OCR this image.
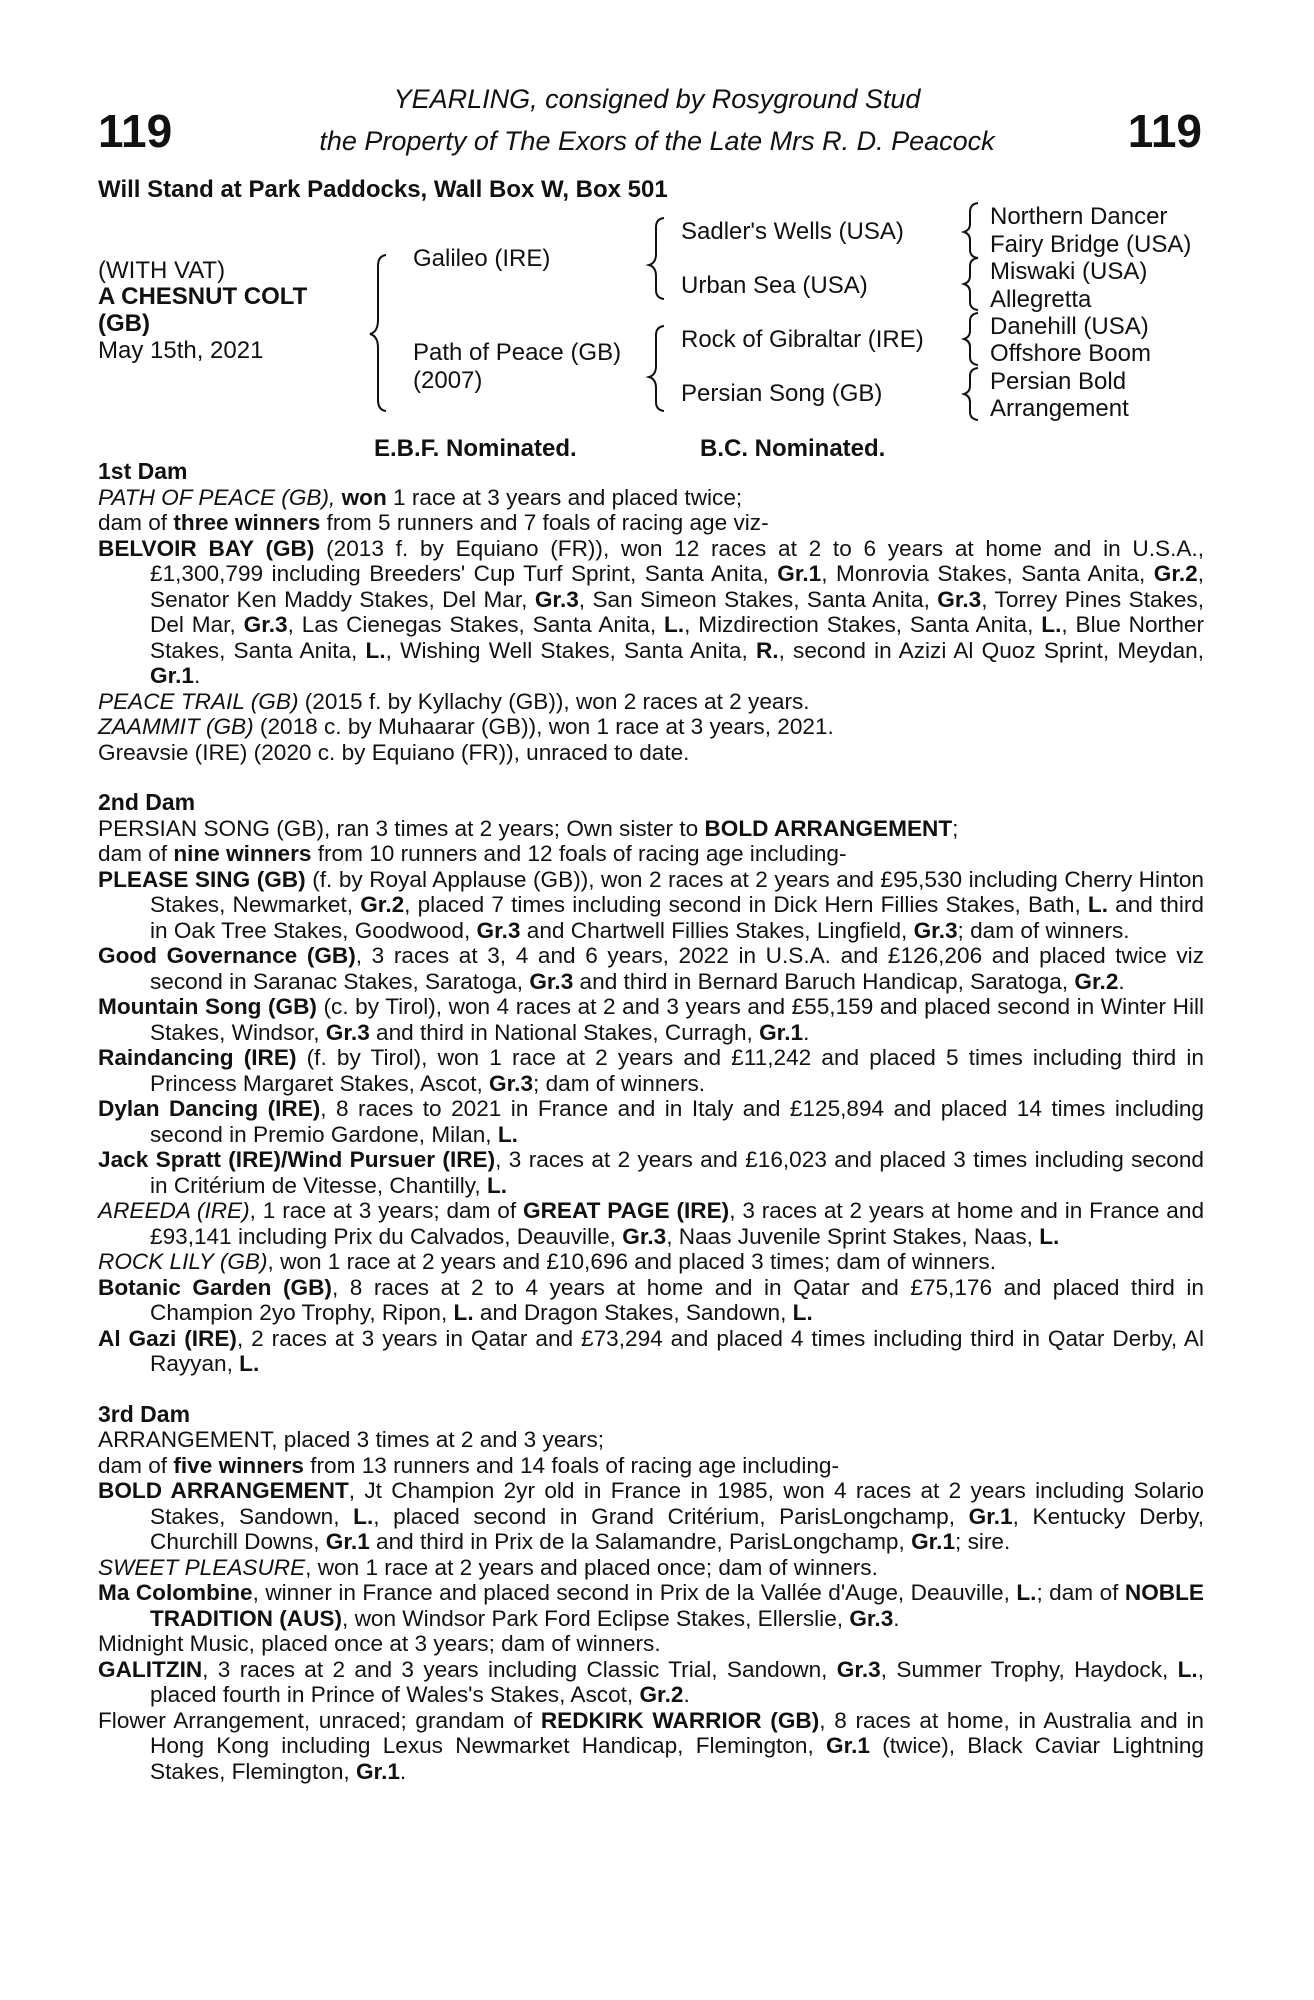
119	119
YEARLING, consigned by Rosyground Stud
the Property of The Exors of the Late Mrs R. D. Peacock
Will Stand at Park Paddocks, Wall Box W, Box 501
(WITH VAT)
A CHESNUT COLT
(GB)
May 15th, 2021
Galileo (IRE)
Path of Peace (GB)
(2007)
Sadler's Wells (USA)
Urban Sea (USA)
Rock of Gibraltar (IRE)
Persian Song (GB)
Northern Dancer
Fairy Bridge (USA)
Miswaki (USA)
Allegretta
Danehill (USA)
Offshore Boom
Persian Bold
Arrangement
E.B.F. Nominated.	B.C. Nominated.

1st Dam

PATH OF PEACE (GB), won 1 race at 3 years and placed twice;

dam of three winners from 5 runners and 7 foals of racing age viz-

BELVOIR BAY (GB) (2013 f. by Equiano (FR)), won 12 races at 2 to 6 years at home and in U.S.A., £1,300,799 including Breeders' Cup Turf Sprint, Santa Anita, Gr.1, Monrovia Stakes, Santa Anita, Gr.2, Senator Ken Maddy Stakes, Del Mar, Gr.3, San Simeon Stakes, Santa Anita, Gr.3, Torrey Pines Stakes, Del Mar, Gr.3, Las Cienegas Stakes, Santa Anita, L., Mizdirection Stakes, Santa Anita, L., Blue Norther Stakes, Santa Anita, L., Wishing Well Stakes, Santa Anita, R., second in Azizi Al Quoz Sprint, Meydan, Gr.1.

PEACE TRAIL (GB) (2015 f. by Kyllachy (GB)), won 2 races at 2 years.

ZAAMMIT (GB) (2018 c. by Muhaarar (GB)), won 1 race at 3 years, 2021.

Greavsie (IRE) (2020 c. by Equiano (FR)), unraced to date.

2nd Dam

PERSIAN SONG (GB), ran 3 times at 2 years; Own sister to BOLD ARRANGEMENT;

dam of nine winners from 10 runners and 12 foals of racing age including-

PLEASE SING (GB) (f. by Royal Applause (GB)), won 2 races at 2 years and £95,530 including Cherry Hinton Stakes, Newmarket, Gr.2, placed 7 times including second in Dick Hern Fillies Stakes, Bath, L. and third in Oak Tree Stakes, Goodwood, Gr.3 and Chartwell Fillies Stakes, Lingfield, Gr.3; dam of winners.

Good Governance (GB), 3 races at 3, 4 and 6 years, 2022 in U.S.A. and £126,206 and placed twice viz second in Saranac Stakes, Saratoga, Gr.3 and third in Bernard Baruch Handicap, Saratoga, Gr.2.

Mountain Song (GB) (c. by Tirol), won 4 races at 2 and 3 years and £55,159 and placed second in Winter Hill Stakes, Windsor, Gr.3 and third in National Stakes, Curragh, Gr.1.

Raindancing (IRE) (f. by Tirol), won 1 race at 2 years and £11,242 and placed 5 times including third in Princess Margaret Stakes, Ascot, Gr.3; dam of winners.

Dylan Dancing (IRE), 8 races to 2021 in France and in Italy and £125,894 and placed 14 times including second in Premio Gardone, Milan, L.

Jack Spratt (IRE)/Wind Pursuer (IRE), 3 races at 2 years and £16,023 and placed 3 times including second in Critérium de Vitesse, Chantilly, L.

AREEDA (IRE), 1 race at 3 years; dam of GREAT PAGE (IRE), 3 races at 2 years at home and in France and £93,141 including Prix du Calvados, Deauville, Gr.3, Naas Juvenile Sprint Stakes, Naas, L.

ROCK LILY (GB), won 1 race at 2 years and £10,696 and placed 3 times; dam of winners.

Botanic Garden (GB), 8 races at 2 to 4 years at home and in Qatar and £75,176 and placed third in Champion 2yo Trophy, Ripon, L. and Dragon Stakes, Sandown, L.

Al Gazi (IRE), 2 races at 3 years in Qatar and £73,294 and placed 4 times including third in Qatar Derby, Al Rayyan, L.

3rd Dam

ARRANGEMENT, placed 3 times at 2 and 3 years;

dam of five winners from 13 runners and 14 foals of racing age including-

BOLD ARRANGEMENT, Jt Champion 2yr old in France in 1985, won 4 races at 2 years including Solario Stakes, Sandown, L., placed second in Grand Critérium, ParisLongchamp, Gr.1, Kentucky Derby, Churchill Downs, Gr.1 and third in Prix de la Salamandre, ParisLongchamp, Gr.1; sire.

SWEET PLEASURE, won 1 race at 2 years and placed once; dam of winners.

Ma Colombine, winner in France and placed second in Prix de la Vallée d'Auge, Deauville, L.; dam of NOBLE TRADITION (AUS), won Windsor Park Ford Eclipse Stakes, Ellerslie, Gr.3.

Midnight Music, placed once at 3 years; dam of winners.

GALITZIN, 3 races at 2 and 3 years including Classic Trial, Sandown, Gr.3, Summer Trophy, Haydock, L., placed fourth in Prince of Wales's Stakes, Ascot, Gr.2.

Flower Arrangement, unraced; grandam of REDKIRK WARRIOR (GB), 8 races at home, in Australia and in Hong Kong including Lexus Newmarket Handicap, Flemington, Gr.1 (twice), Black Caviar Lightning Stakes, Flemington, Gr.1.
